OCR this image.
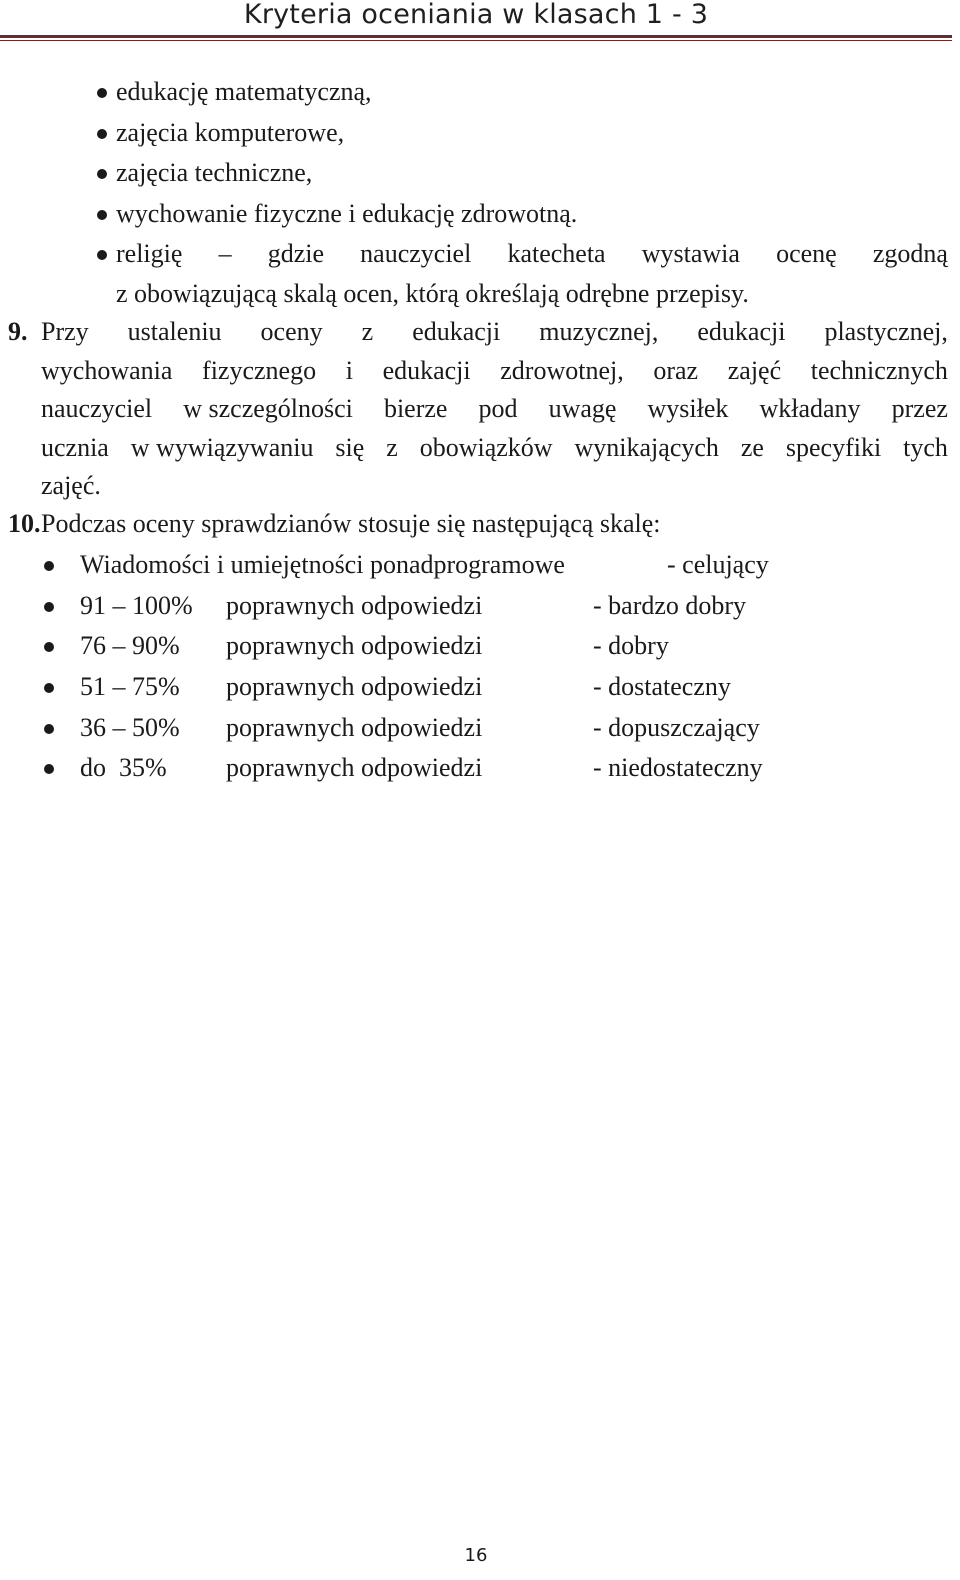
Kryteria oceniania w klasach 1 - 3
edukację matematyczną,
zajęcia komputerowe,
zajęcia techniczne,
wychowanie fizyczne i edukację zdrowotną.
religię – gdzie nauczyciel katecheta wystawia ocenę zgodną
z obowiązującą skalą ocen, którą określają odrębne przepisy.
9. Przy ustaleniu oceny z edukacji muzycznej, edukacji plastycznej,
wychowania fizycznego i edukacji zdrowotnej, oraz zajęć technicznych
nauczyciel w szczególności bierze pod uwagę wysiłek wkładany przez
ucznia w wywiązywaniu się z obowiązków wynikających ze specyfiki tych
zajęć.
10. Podczas oceny sprawdzianów stosuje się następującą skalę:
Wiadomości i umiejętności ponadprogramowe	- celujący
91 – 100% poprawnych odpowiedzi	- bardzo dobry
76 – 90% poprawnych odpowiedzi	- dobry
51 – 75% poprawnych odpowiedzi	- dostateczny
36 – 50% poprawnych odpowiedzi	- dopuszczający
do  35% poprawnych odpowiedzi	- niedostateczny
16
